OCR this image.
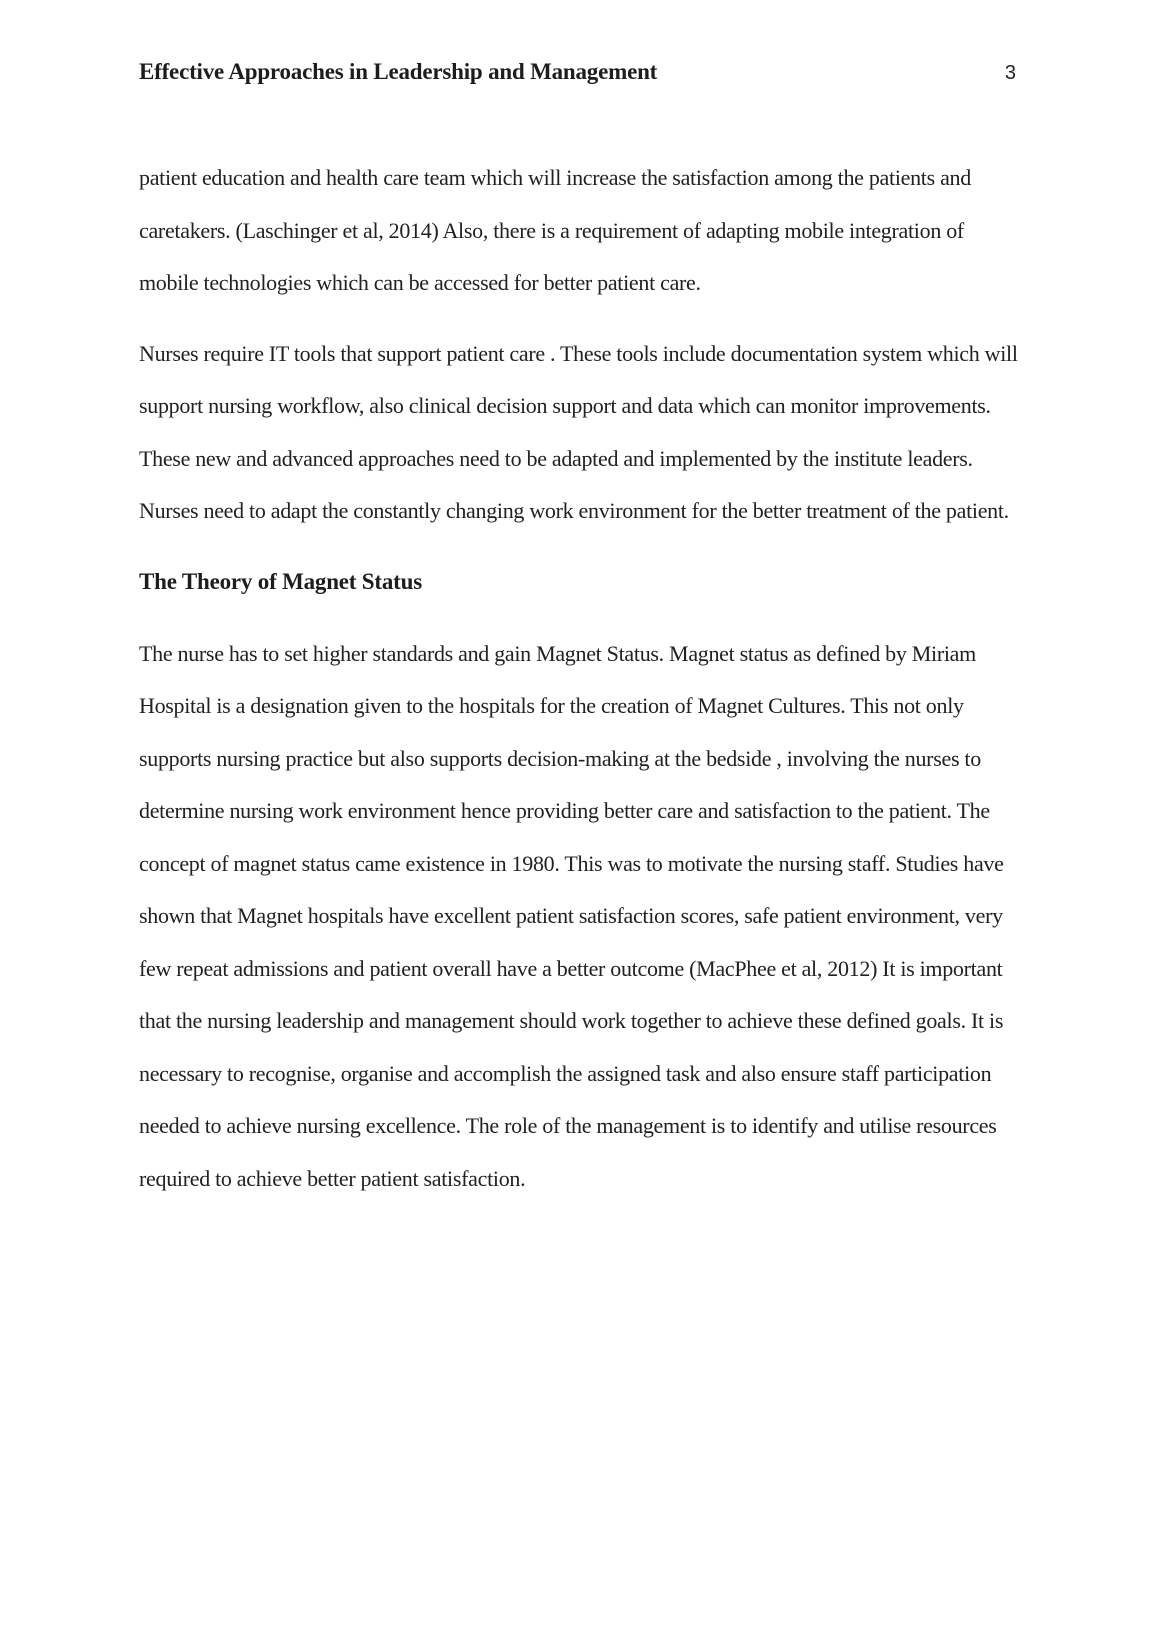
Effective Approaches in Leadership and Management	3

patient education and health care team which will increase the satisfaction among the patients and caretakers. (Laschinger et al, 2014) Also, there is a requirement of adapting mobile integration of mobile technologies which can be accessed for better patient care.

Nurses require IT tools that support patient care . These tools include documentation system which will support nursing workflow, also clinical decision support and data which can monitor improvements. These new and advanced approaches need to be adapted and implemented by the institute leaders. Nurses need to adapt the constantly changing work environment for the better treatment of the patient.

The Theory of Magnet Status

The nurse has to set higher standards and gain Magnet Status. Magnet status as defined by Miriam Hospital is a designation given to the hospitals for the creation of Magnet Cultures. This not only supports nursing practice but also supports decision-making at the bedside , involving the nurses to determine nursing work environment hence providing better care and satisfaction to the patient. The concept of magnet status came existence in 1980. This was to motivate the nursing staff. Studies have shown that Magnet hospitals have excellent patient satisfaction scores, safe patient environment, very few repeat admissions and patient overall have a better outcome (MacPhee et al, 2012) It is important that the nursing leadership and management should work together to achieve these defined goals. It is necessary to recognise, organise and accomplish the assigned task and also ensure staff participation needed to achieve nursing excellence. The role of the management is to identify and utilise resources required to achieve better patient satisfaction.
